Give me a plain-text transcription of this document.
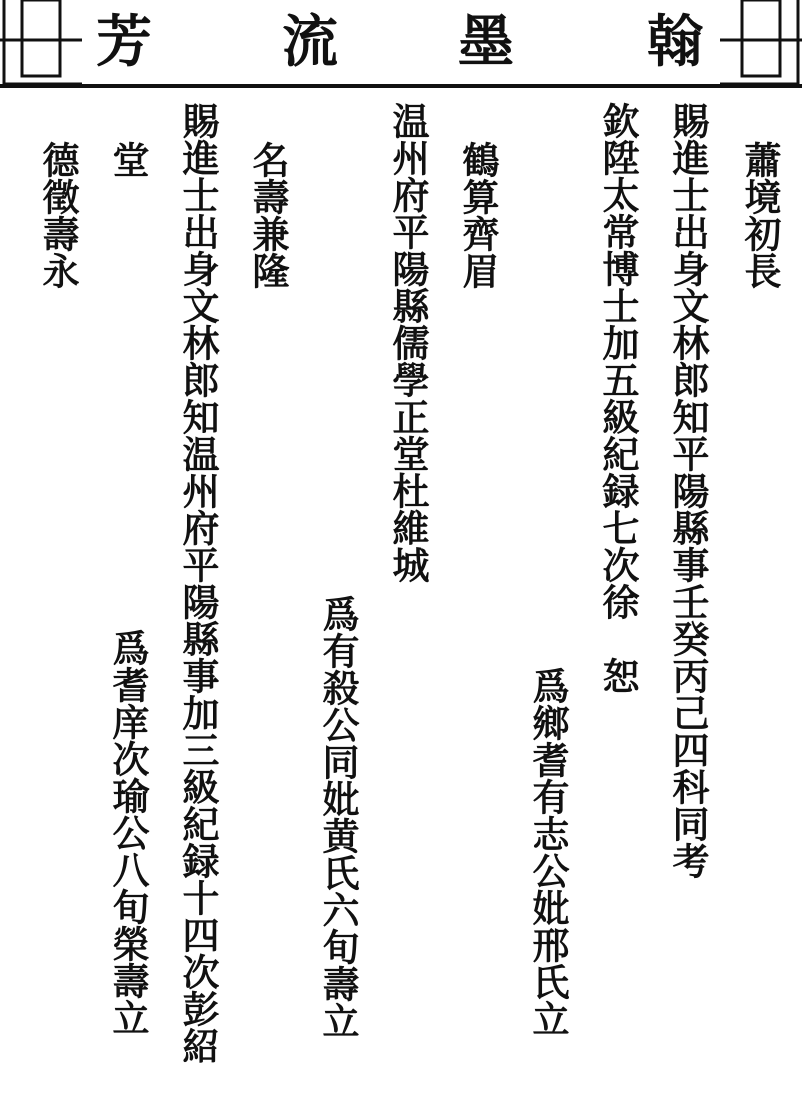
芳 流 墨 翰
蕭境初長
賜進士出身文林郎知平陽縣事壬癸丙己四科同考
欽陞太常博士加五級紀録七次徐　恕
爲鄉耆有志公妣邢氏立
鶴算齊眉
温州府平陽縣儒學正堂杜維城
爲有殺公同妣黄氏六旬壽立
名壽兼隆
賜進士出身文林郎知温州府平陽縣事加三級紀録十四次彭紹
堂
爲耆庠次瑜公八旬榮壽立
德徵壽永
